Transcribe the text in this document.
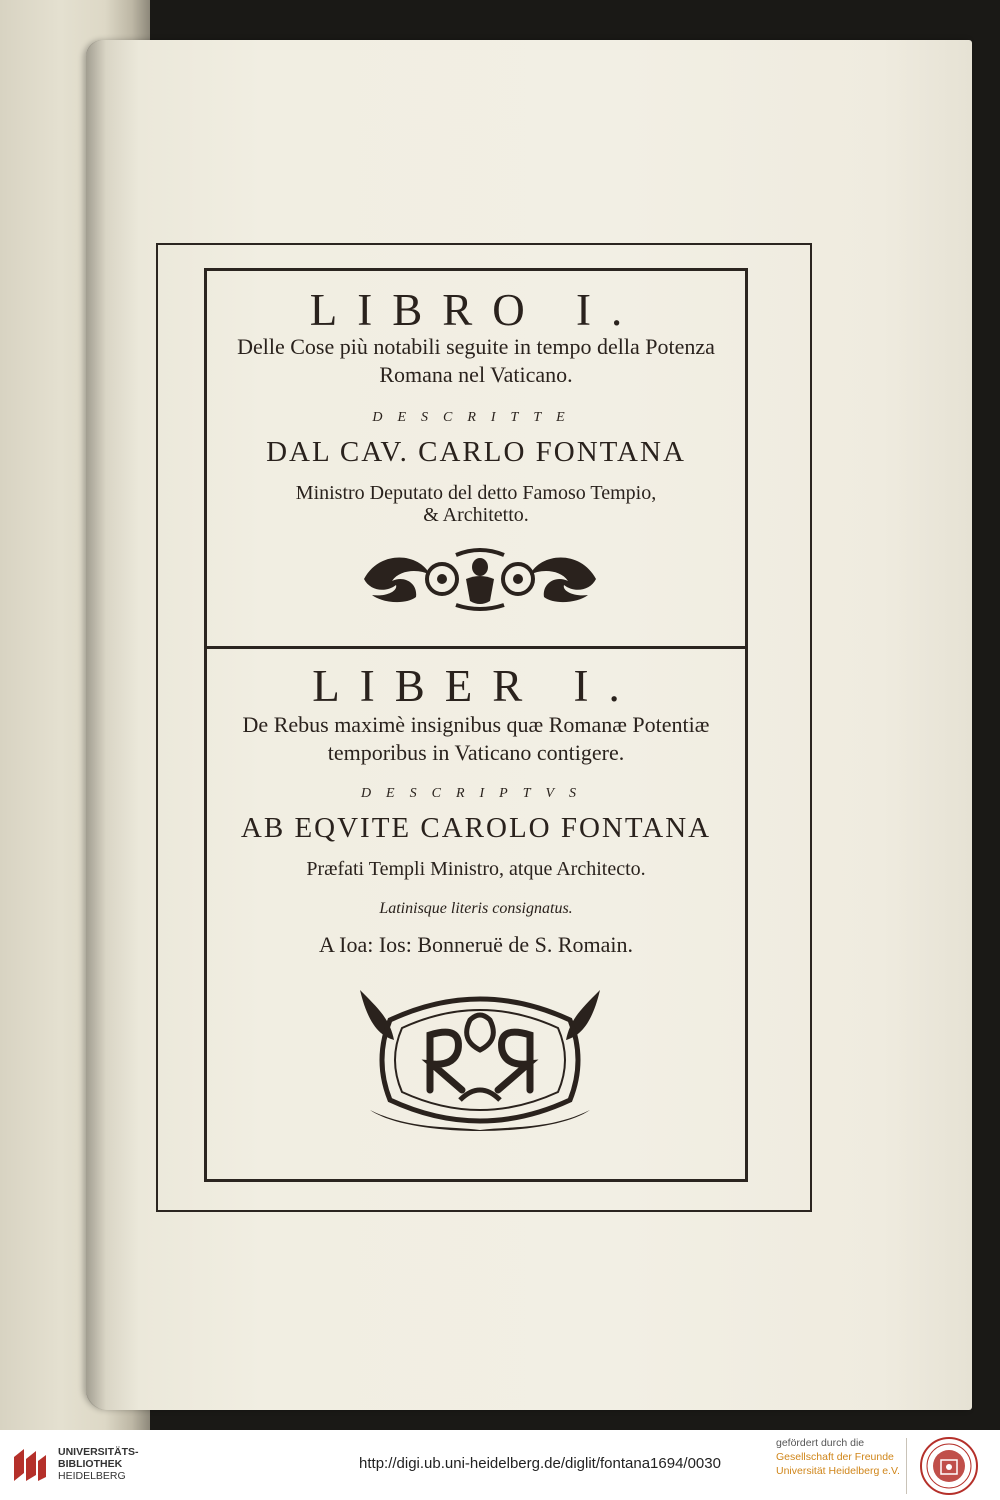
LIBRO I.
Delle Cose più notabili seguite in tempo della Potenza
Romana nel Vaticano.
DESCRITTE
DAL CAV. CARLO FONTANA
Ministro Deputato del detto Famoso Tempio,
& Architetto.
LIBER I.
De Rebus maximè insignibus quæ Romanæ Potentiæ
temporibus in Vaticano contigere.
DESCRIPTVS
AB EQVITE CAROLO FONTANA
Præfati Templi Ministro, atque Architecto.
Latinisque literis consignatus.
A Ioa: Ios: Bonneruë de S. Romain.
UNIVERSITÄTS-
BIBLIOTHEK
HEIDELBERG
http://digi.ub.uni-heidelberg.de/diglit/fontana1694/0030
gefördert durch die
Gesellschaft der Freunde
Universität Heidelberg e.V.
